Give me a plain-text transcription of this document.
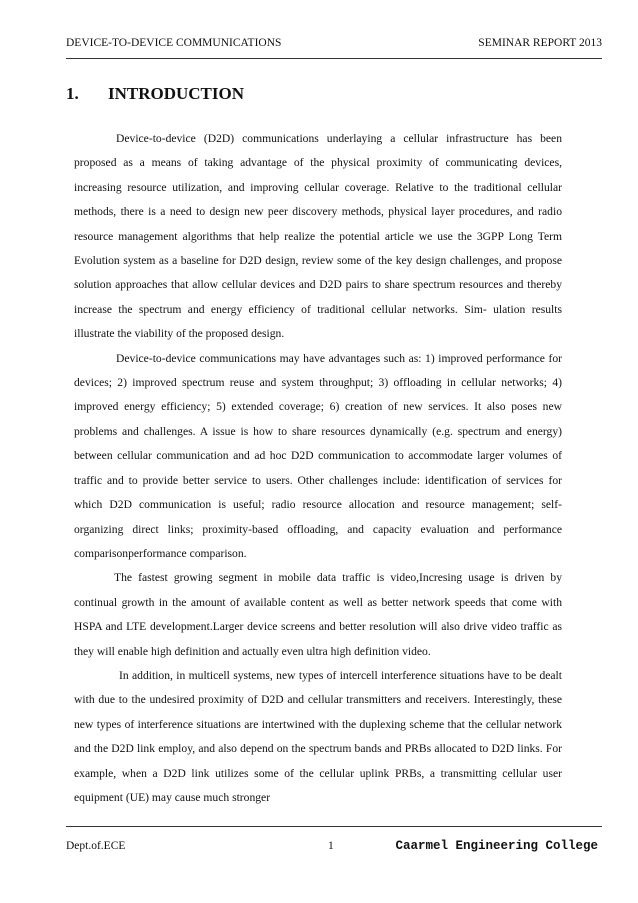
DEVICE-TO-DEVICE COMMUNICATIONS	SEMINAR REPORT 2013
1. INTRODUCTION

Device-to-device (D2D) communications underlaying a cellular infrastructure has been proposed as a means of taking advantage of the physical proximity of communicating devices, increasing resource utilization, and improving cellular coverage. Relative to the traditional cellular methods, there is a need to design new peer discovery methods, physical layer procedures, and radio resource management algorithms that help realize the potential article we use the 3GPP Long Term Evolution system as a baseline for D2D design, review some of the key design challenges, and propose solution approaches that allow cellular devices and D2D pairs to share spectrum resources and thereby increase the spectrum and energy efficiency of traditional cellular networks. Sim- ulation results illustrate the viability of the proposed design.

Device-to-device communications may have advantages such as: 1) improved performance for devices; 2) improved spectrum reuse and system throughput; 3) offloading in cellular networks; 4) improved energy efficiency; 5) extended coverage; 6) creation of new services. It also poses new problems and challenges. A issue is how to share resources dynamically (e.g. spectrum and energy) between cellular communication and ad hoc D2D communication to accommodate larger volumes of traffic and to provide better service to users. Other challenges include: identification of services for which D2D communication is useful; radio resource allocation and resource management; self-organizing direct links; proximity-based offloading, and capacity evaluation and performance comparisonperformance comparison.

The fastest growing segment in mobile data traffic is video,Incresing usage is driven by continual growth in the amount of available content as well as better network speeds that come with HSPA and LTE development.Larger device screens and better resolution will also drive video traffic as they will enable high definition and actually even ultra high definition video.

In addition, in multicell systems, new types of intercell interference situations have to be dealt with due to the undesired proximity of D2D and cellular transmitters and receivers. Interestingly, these new types of interference situations are intertwined with the duplexing scheme that the cellular network and the D2D link employ, and also depend on the spectrum bands and PRBs allocated to D2D links. For example, when a D2D link utilizes some of the cellular uplink PRBs, a transmitting cellular user equipment (UE) may cause much stronger

Dept.of.ECE	1	Caarmel Engineering College
